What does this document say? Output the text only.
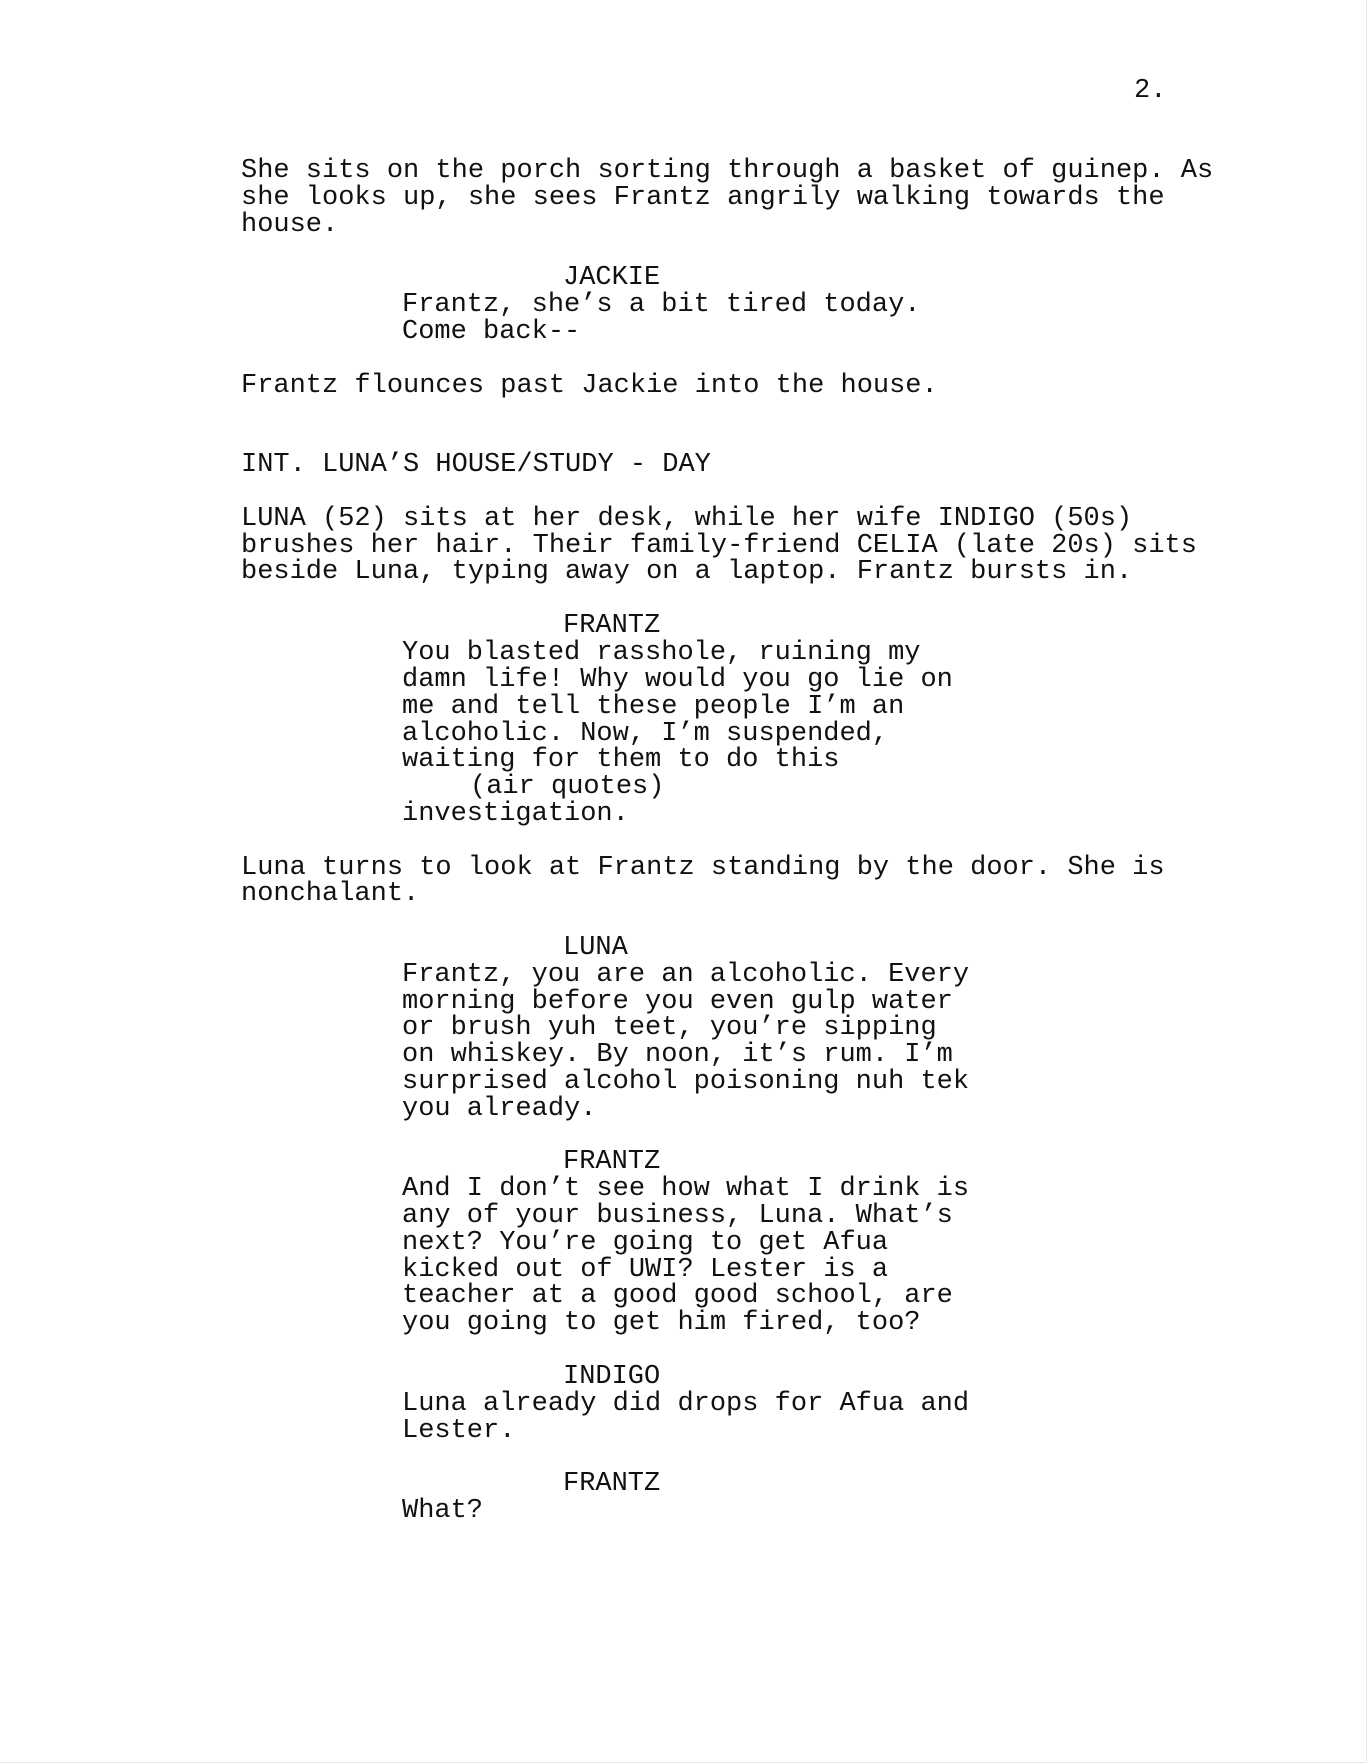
2.
She sits on the porch sorting through a basket of guinep. As
she looks up, she sees Frantz angrily walking towards the
house.
JACKIE
Frantz, she’s a bit tired today.
Come back--
Frantz flounces past Jackie into the house.
INT. LUNA’S HOUSE/STUDY - DAY
LUNA (52) sits at her desk, while her wife INDIGO (50s)
brushes her hair. Their family-friend CELIA (late 20s) sits
beside Luna, typing away on a laptop. Frantz bursts in.
FRANTZ
You blasted rasshole, ruining my
damn life! Why would you go lie on
me and tell these people I’m an
alcoholic. Now, I’m suspended,
waiting for them to do this
(air quotes)
investigation.
Luna turns to look at Frantz standing by the door. She is
nonchalant.
LUNA
Frantz, you are an alcoholic. Every
morning before you even gulp water
or brush yuh teet, you’re sipping
on whiskey. By noon, it’s rum. I’m
surprised alcohol poisoning nuh tek
you already.
FRANTZ
And I don’t see how what I drink is
any of your business, Luna. What’s
next? You’re going to get Afua
kicked out of UWI? Lester is a
teacher at a good good school, are
you going to get him fired, too?
INDIGO
Luna already did drops for Afua and
Lester.
FRANTZ
What?
